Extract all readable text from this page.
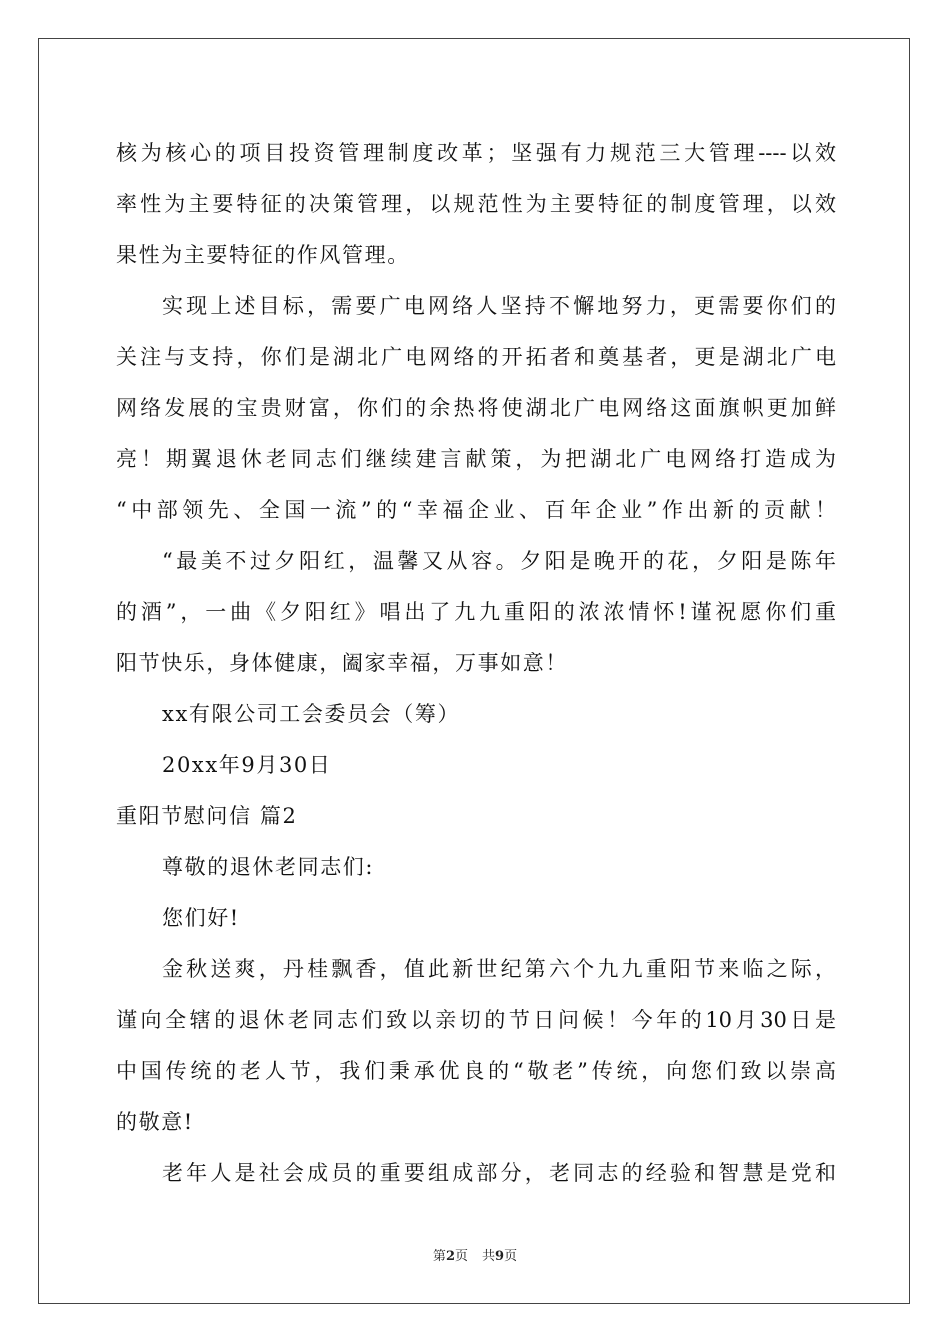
核为核心的项目投资管理制度改革；坚强有力规范三大管理----以效
率性为主要特征的决策管理，以规范性为主要特征的制度管理，以效
果性为主要特征的作风管理。
实现上述目标，需要广电网络人坚持不懈地努力，更需要你们的
关注与支持，你们是湖北广电网络的开拓者和奠基者，更是湖北广电
网络发展的宝贵财富，你们的余热将使湖北广电网络这面旗帜更加鲜
亮！期翼退休老同志们继续建言献策，为把湖北广电网络打造成为
“中部领先、全国一流”的“幸福企业、百年企业”作出新的贡献！
“最美不过夕阳红，温馨又从容。夕阳是晚开的花，夕阳是陈年
的酒”，一曲《夕阳红》唱出了九九重阳的浓浓情怀!谨祝愿你们重
阳节快乐，身体健康，阖家幸福，万事如意！
xx有限公司工会委员会（筹）
20xx年9月30日
重阳节慰问信 篇2
尊敬的退休老同志们:
您们好!
金秋送爽，丹桂飘香，值此新世纪第六个九九重阳节来临之际，
谨向全辖的退休老同志们致以亲切的节日问候！今年的10月30日是
中国传统的老人节，我们秉承优良的“敬老”传统，向您们致以崇高
的敬意!
老年人是社会成员的重要组成部分，老同志的经验和智慧是党和
第2页 共9页
